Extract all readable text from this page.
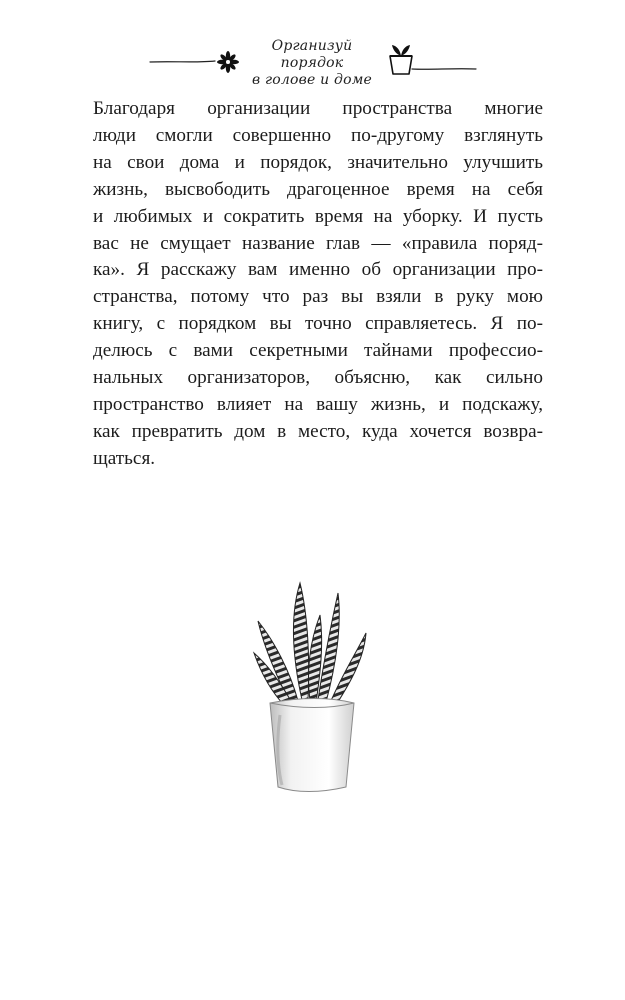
Организуй порядок
в голове и доме
Благодаря организации пространства многие
люди смогли совершенно по-другому взглянуть
на свои дома и порядок, значительно улучшить
жизнь, высвободить драгоценное время на себя
и любимых и сократить время на уборку. И пусть
вас не смущает название глав — «правила поряд-
ка». Я расскажу вам именно об организации про-
странства, потому что раз вы взяли в руку мою
книгу, с порядком вы точно справляетесь. Я по-
делюсь с вами секретными тайнами профессио-
нальных организаторов, объясню, как сильно
пространство влияет на вашу жизнь, и подскажу,
как превратить дом в место, куда хочется возвра-
щаться.
